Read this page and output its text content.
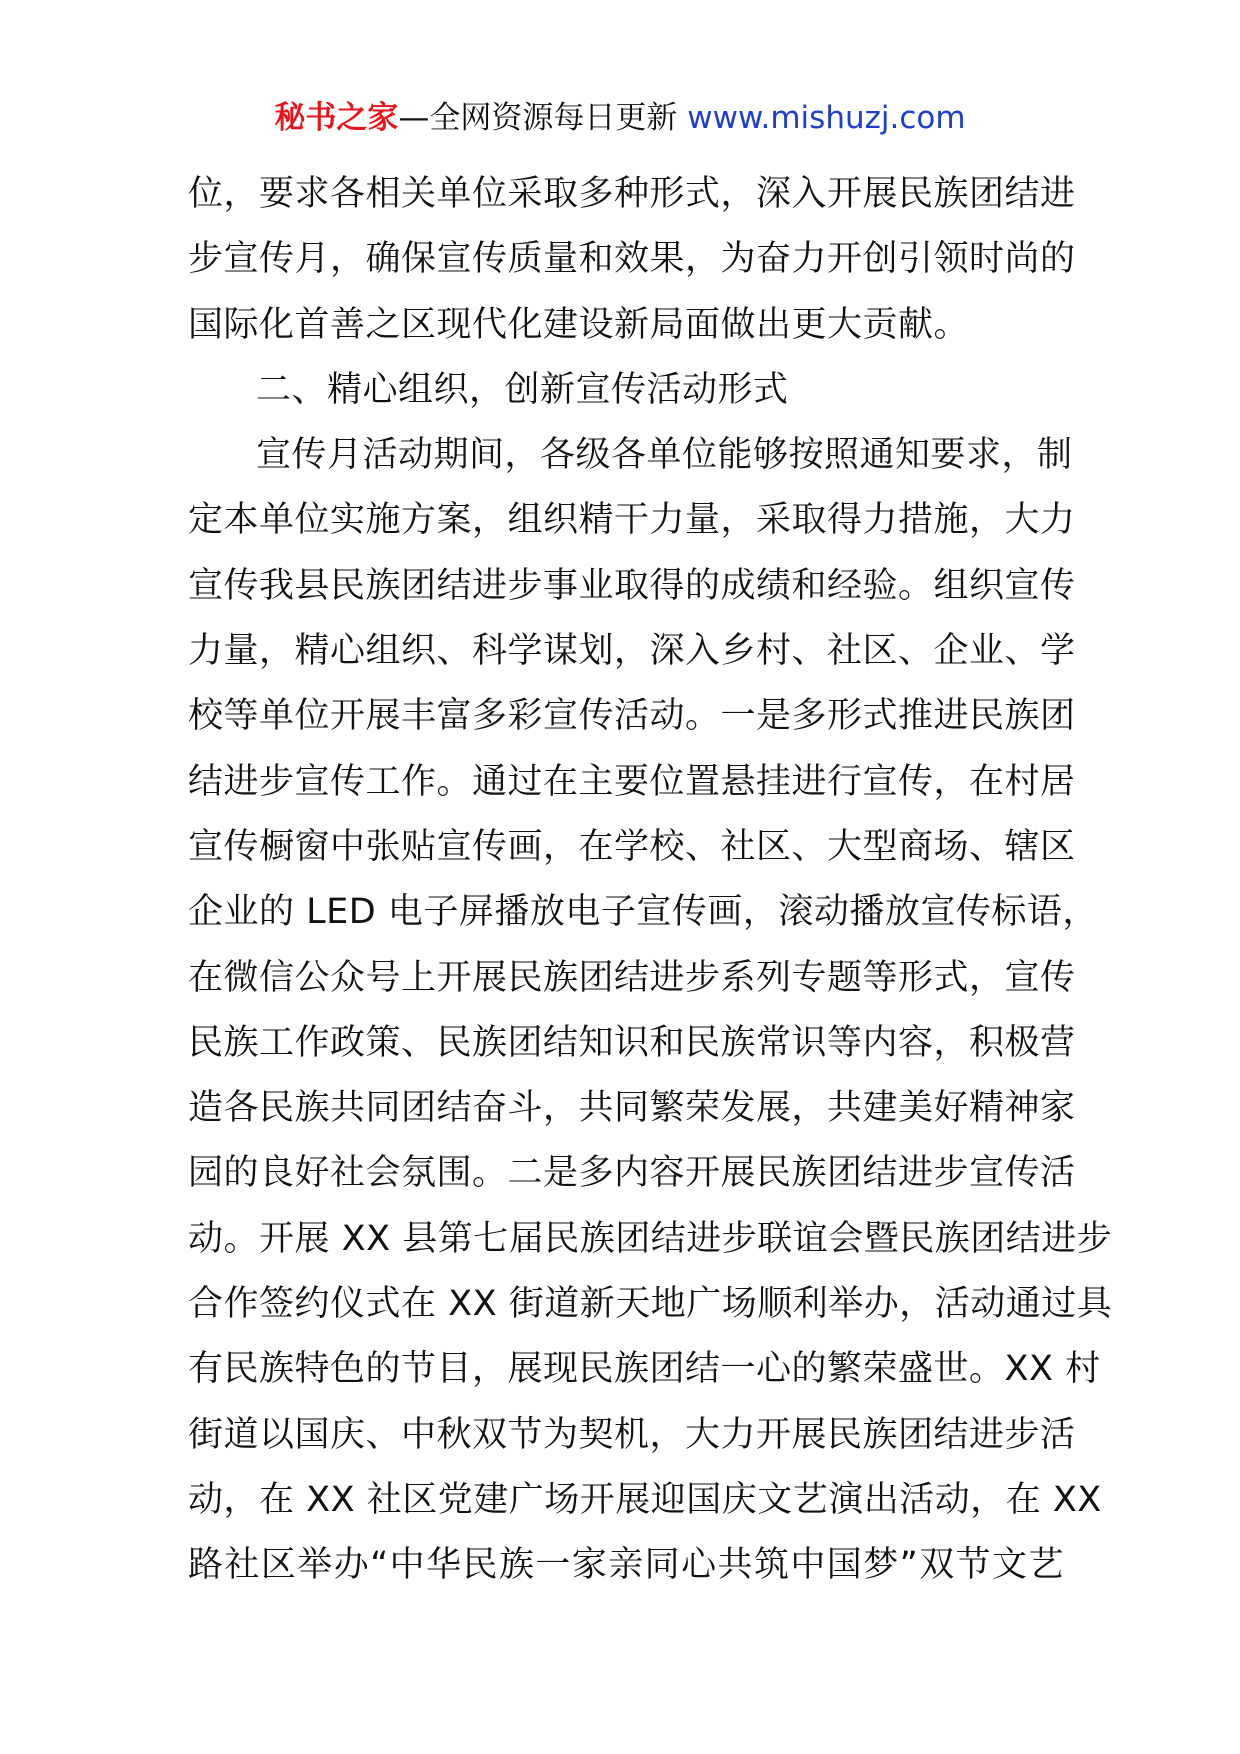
秘书之家—全网资源每日更新 www.mishuzj.com
位，要求各相关单位采取多种形式，深入开展民族团结进
步宣传月，确保宣传质量和效果，为奋力开创引领时尚的
国际化首善之区现代化建设新局面做出更大贡献。
二、精心组织，创新宣传活动形式
宣传月活动期间，各级各单位能够按照通知要求，制
定本单位实施方案，组织精干力量，采取得力措施，大力
宣传我县民族团结进步事业取得的成绩和经验。组织宣传
力量，精心组织、科学谋划，深入乡村、社区、企业、学
校等单位开展丰富多彩宣传活动。一是多形式推进民族团
结进步宣传工作。通过在主要位置悬挂进行宣传，在村居
宣传橱窗中张贴宣传画，在学校、社区、大型商场、辖区
企业的 LED 电子屏播放电子宣传画，滚动播放宣传标语，
在微信公众号上开展民族团结进步系列专题等形式，宣传
民族工作政策、民族团结知识和民族常识等内容，积极营
造各民族共同团结奋斗，共同繁荣发展，共建美好精神家
园的良好社会氛围。二是多内容开展民族团结进步宣传活
动。开展 XX 县第七届民族团结进步联谊会暨民族团结进步
合作签约仪式在 XX 街道新天地广场顺利举办，活动通过具
有民族特色的节目，展现民族团结一心的繁荣盛世。XX 村
街道以国庆、中秋双节为契机，大力开展民族团结进步活
动，在 XX 社区党建广场开展迎国庆文艺演出活动，在 XX
路社区举办“中华民族一家亲同心共筑中国梦”双节文艺
